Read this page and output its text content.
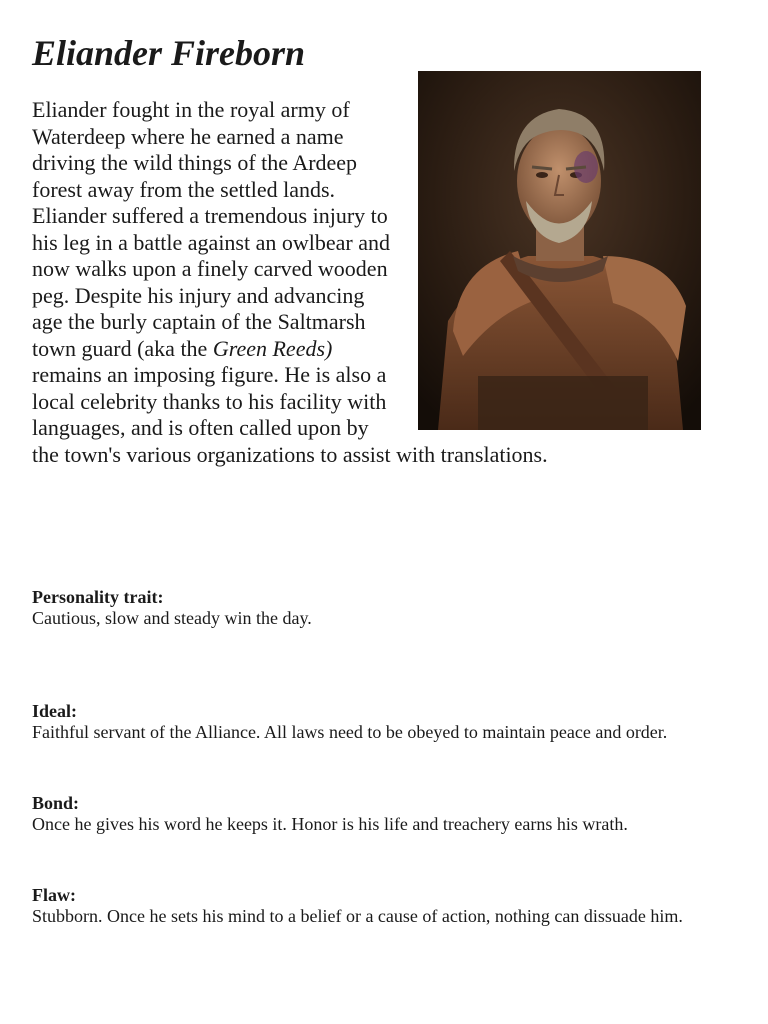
Eliander Fireborn
Eliander fought in the royal army of
Waterdeep where he earned a name
driving the wild things of the Ardeep
forest away from the settled lands.
Eliander suffered a tremendous injury to
his leg in a battle against an owlbear and
now walks upon a finely carved wooden
peg. Despite his injury and advancing
age the burly captain of the Saltmarsh
town guard (aka the Green Reeds)
remains an imposing figure. He is also a
local celebrity thanks to his facility with
languages, and is often called upon by
the town's various organizations to assist with translations.
Personality trait:
Cautious, slow and steady win the day.
Ideal:
Faithful servant of the Alliance. All laws need to be obeyed to maintain peace and order.
Bond:
Once he gives his word he keeps it. Honor is his life and treachery earns his wrath.
Flaw:
Stubborn. Once he sets his mind to a belief or a cause of action, nothing can dissuade him.
